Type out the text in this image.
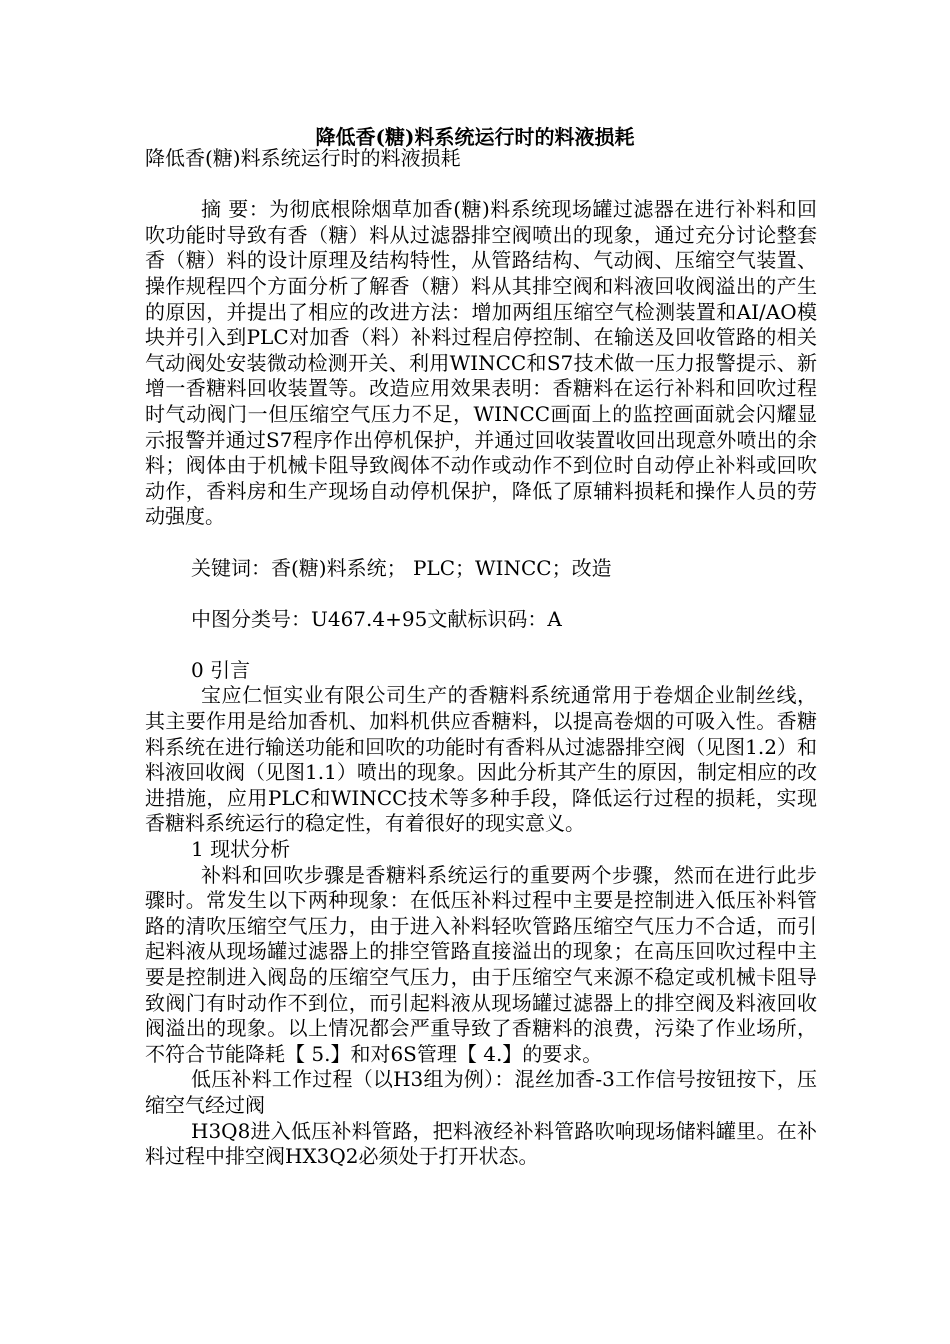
降低香(糖)料系统运行时的料液损耗
降低香(糖)料系统运行时的料液损耗

摘 要：为彻底根除烟草加香(糖)料系统现场罐过滤器在进行补料和回吹功能时导致有香（糖）料从过滤器排空阀喷出的现象，通过充分讨论整套香（糖）料的设计原理及结构特性，从管路结构、气动阀、压缩空气装置、操作规程四个方面分析了解香（糖）料从其排空阀和料液回收阀溢出的产生的原因，并提出了相应的改进方法：增加两组压缩空气检测装置和AI/AO模块并引入到PLC对加香（料）补料过程启停控制、在输送及回收管路的相关气动阀处安装微动检测开关、利用WINCC和S7技术做一压力报警提示、新增一香糖料回收装置等。改造应用效果表明：香糖料在运行补料和回吹过程时气动阀门一但压缩空气压力不足，WINCC画面上的监控画面就会闪耀显示报警并通过S7程序作出停机保护，并通过回收装置收回出现意外喷出的余料；阀体由于机械卡阻导致阀体不动作或动作不到位时自动停止补料或回吹动作，香料房和生产现场自动停机保护，降低了原辅料损耗和操作人员的劳动强度。

关键词：香(糖)料系统； PLC；WINCC；改造
中图分类号：U467.4+95文献标识码：A
0 引言

宝应仁恒实业有限公司生产的香糖料系统通常用于卷烟企业制丝线，其主要作用是给加香机、加料机供应香糖料，以提高卷烟的可吸入性。香糖料系统在进行输送功能和回吹的功能时有香料从过滤器排空阀（见图1.2）和料液回收阀（见图1.1）喷出的现象。因此分析其产生的原因，制定相应的改进措施，应用PLC和WINCC技术等多种手段，降低运行过程的损耗，实现香糖料系统运行的稳定性，有着很好的现实意义。

1 现状分析

补料和回吹步骤是香糖料系统运行的重要两个步骤，然而在进行此步骤时。常发生以下两种现象：在低压补料过程中主要是控制进入低压补料管路的清吹压缩空气压力，由于进入补料轻吹管路压缩空气压力不合适，而引起料液从现场罐过滤器上的排空管路直接溢出的现象；在高压回吹过程中主要是控制进入阀岛的压缩空气压力，由于压缩空气来源不稳定或机械卡阻导致阀门有时动作不到位，而引起料液从现场罐过滤器上的排空阀及料液回收阀溢出的现象。以上情况都会严重导致了香糖料的浪费，污染了作业场所，不符合节能降耗【 5.】和对6S管理【 4.】的要求。

低压补料工作过程（以H3组为例）：混丝加香-3工作信号按钮按下，压缩空气经过阀

H3Q8进入低压补料管路，把料液经补料管路吹响现场储料罐里。在补料过程中排空阀HX3Q2必须处于打开状态。
